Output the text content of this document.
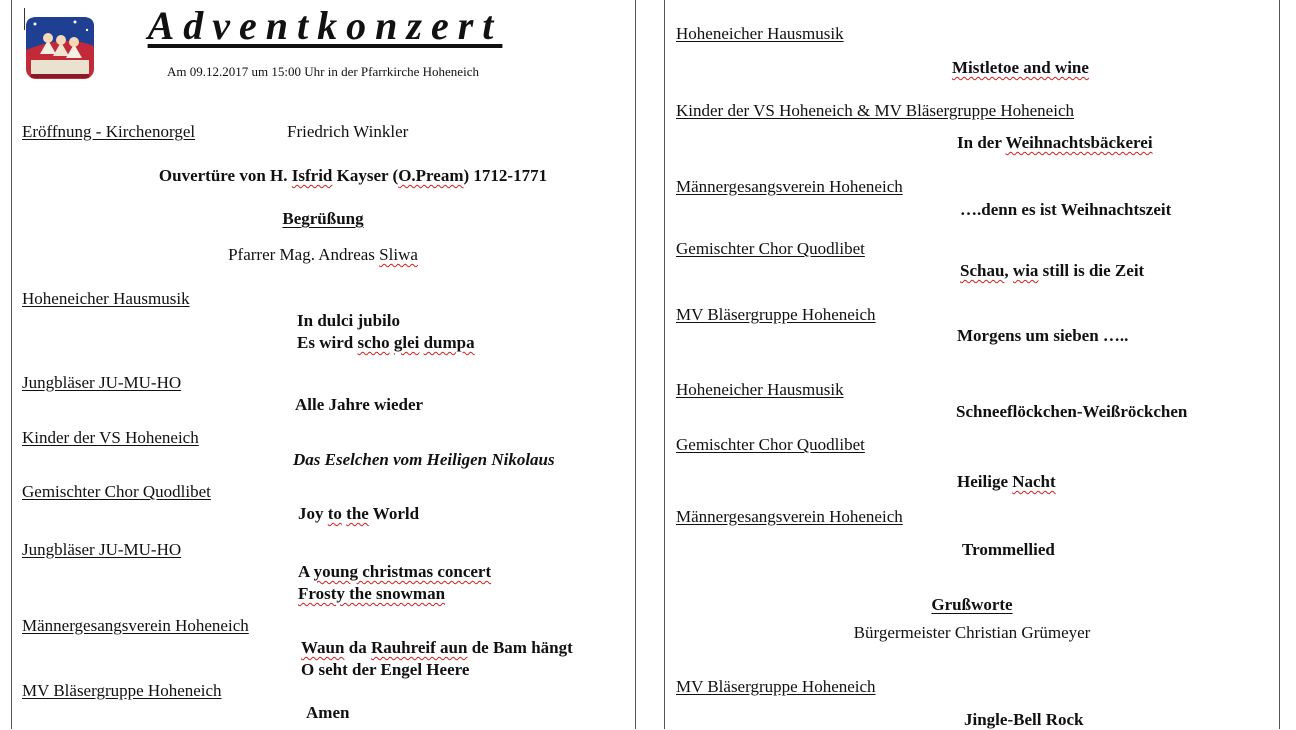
Adventkonzert
Am 09.12.2017 um 15:00 Uhr in der Pfarrkirche Hoheneich
Eröffnung - Kirchenorgel	Friedrich Winkler
Ouvertüre von H. Isfrid Kayser (O.Pream) 1712-1771
Begrüßung
Pfarrer Mag. Andreas Sliwa
Hoheneicher Hausmusik
In dulci jubilo
Es wird scho glei dumpa
Jungbläser JU-MU-HO
Alle Jahre wieder
Kinder der VS Hoheneich
Das Eselchen vom Heiligen Nikolaus
Gemischter Chor Quodlibet
Joy to the World
Jungbläser JU-MU-HO
A young christmas concert
Frosty the snowman
Männergesangsverein Hoheneich
Waun da Rauhreif aun de Bam hängt
O seht der Engel Heere
MV Bläsergruppe Hoheneich
Amen
Hoheneicher Hausmusik
Mistletoe and wine
Kinder der VS Hoheneich & MV Bläsergruppe Hoheneich
In der Weihnachtsbäckerei
Männergesangsverein Hoheneich
….denn es ist Weihnachtszeit
Gemischter Chor Quodlibet
Schau, wia still is die Zeit
MV Bläsergruppe Hoheneich
Morgens um sieben …..
Hoheneicher Hausmusik
Schneeflöckchen-Weißröckchen
Gemischter Chor Quodlibet
Heilige Nacht
Männergesangsverein Hoheneich
Trommellied
Grußworte
Bürgermeister Christian Grümeyer
MV Bläsergruppe Hoheneich
Jingle-Bell Rock
